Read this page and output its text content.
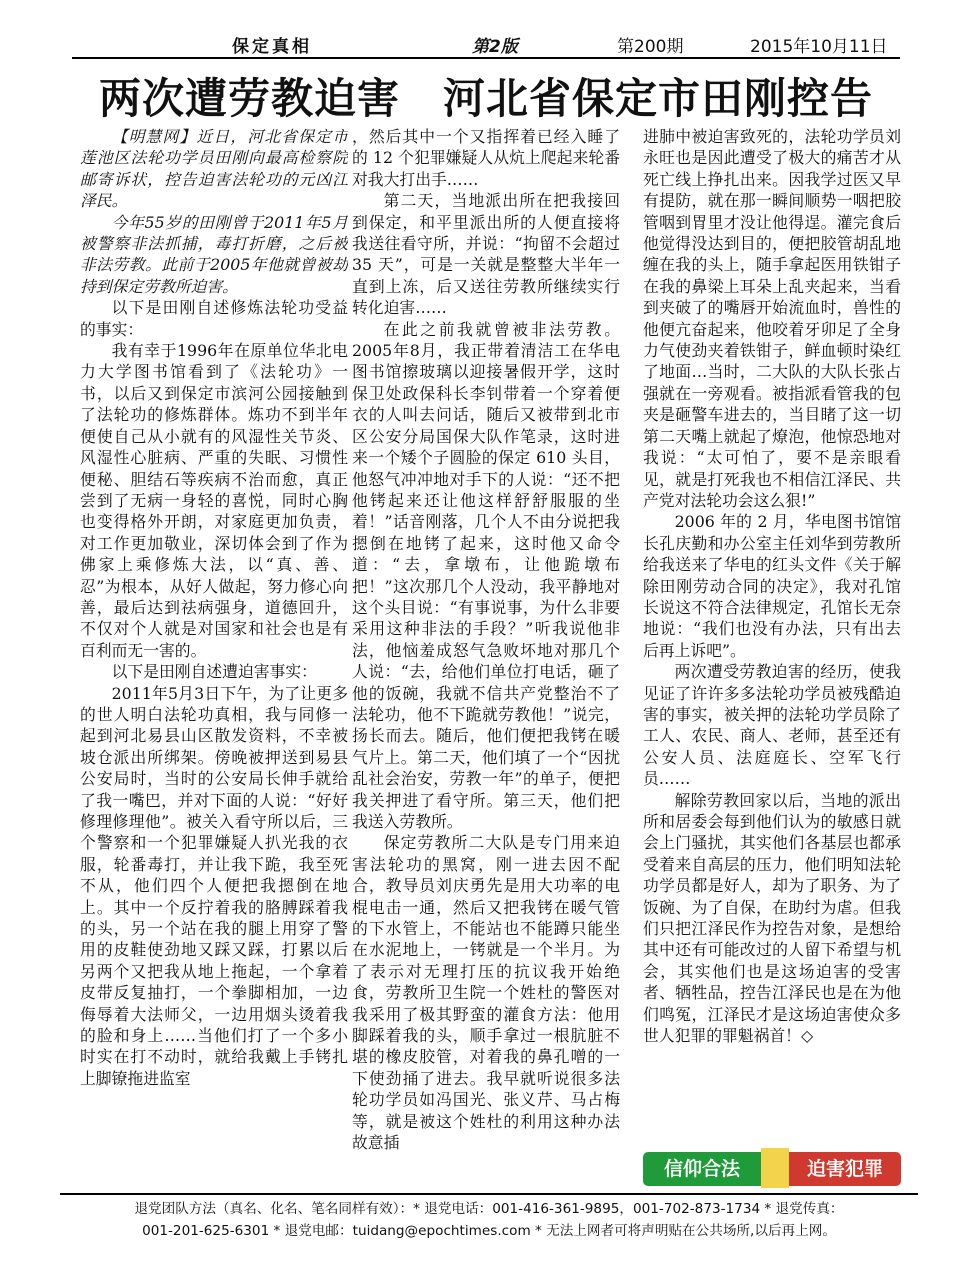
保定真相	第2版	第200期	2015年10月11日
两次遭劳教迫害　河北省保定市田刚控告

【明慧网】近日，河北省保定市莲池区法轮功学员田刚向最高检察院邮寄诉状，控告迫害法轮功的元凶江泽民。

今年55岁的田刚曾于2011年5月被警察非法抓捕，毒打折磨，之后被非法劳教。此前于2005年他就曾被劫持到保定劳教所迫害。

以下是田刚自述修炼法轮功受益的事实：

我有幸于1996年在原单位华北电力大学图书馆看到了《法轮功》一书，以后又到保定市滨河公园接触到了法轮功的修炼群体。炼功不到半年便使自己从小就有的风湿性关节炎、风湿性心脏病、严重的失眠、习惯性便秘、胆结石等疾病不治而愈，真正尝到了无病一身轻的喜悦，同时心胸也变得格外开朗，对家庭更加负责，对工作更加敬业，深切体会到了作为佛家上乘修炼大法，以“真、善、忍”为根本，从好人做起，努力修心向善，最后达到祛病强身，道德回升，不仅对个人就是对国家和社会也是有百利而无一害的。

以下是田刚自述遭迫害事实：

2011年5月3日下午，为了让更多的世人明白法轮功真相，我与同修一起到河北易县山区散发资料，不幸被坡仓派出所绑架。傍晚被押送到易县公安局时，当时的公安局长伸手就给了我一嘴巴，并对下面的人说：“好好修理修理他”。被关入看守所以后，三个警察和一个犯罪嫌疑人扒光我的衣服，轮番毒打，并让我下跪，我至死不从，他们四个人便把我摁倒在地上。其中一个反拧着我的胳膊踩着我的头，另一个站在我的腿上用穿了警用的皮鞋使劲地又踩又踩，打累以后另两个又把我从地上拖起，一个拿着皮带反复抽打，一个拳脚相加，一边侮辱着大法师父，一边用烟头烫着我的脸和身上……当他们打了一个多小时实在打不动时，就给我戴上手铐扎上脚镣拖进监室

，然后其中一个又指挥着已经入睡了的 12 个犯罪嫌疑人从炕上爬起来轮番对我大打出手……

第二天，当地派出所在把我接回到保定，和平里派出所的人便直接将我送往看守所，并说：“拘留不会超过35 天”，可是一关就是整整大半年一直到上冻，后又送往劳教所继续实行转化迫害……

在此之前我就曾被非法劳教。2005年8月，我正带着清洁工在华电图书馆擦玻璃以迎接暑假开学，这时保卫处政保科长李钊带着一个穿着便衣的人叫去问话，随后又被带到北市区公安分局国保大队作笔录，这时进来一个矮个子圆脸的保定 610 头目，他怒气冲冲地对手下的人说：“还不把他铐起来还让他这样舒舒服服的坐着！”话音刚落，几个人不由分说把我摁倒在地铐了起来，这时他又命令道：“去，拿墩布，让他跪墩布把！”这次那几个人没动，我平静地对这个头目说：“有事说事，为什么非要采用这种非法的手段？”听我说他非法，他恼羞成怒气急败坏地对那几个人说：“去，给他们单位打电话，砸了他的饭碗，我就不信共产党整治不了法轮功，他不下跪就劳教他！”说完，扬长而去。随后，他们便把我铐在暖气片上。第二天，他们填了一个“因扰乱社会治安，劳教一年”的单子，便把我关押进了看守所。第三天，他们把我送入劳教所。

保定劳教所二大队是专门用来迫害法轮功的黑窝，刚一进去因不配合，教导员刘庆勇先是用大功率的电棍电击一通，然后又把我铐在暖气管的下水管上，不能站也不能蹲只能坐在水泥地上，一铐就是一个半月。为了表示对无理打压的抗议我开始绝食，劳教所卫生院一个姓杜的警医对我采用了极其野蛮的灌食方法：他用脚踩着我的头，顺手拿过一根肮脏不堪的橡皮胶管，对着我的鼻孔噌的一下使劲捅了进去。我早就听说很多法轮功学员如冯国光、张义芹、马占梅等，就是被这个姓杜的利用这种办法故意插

进肺中被迫害致死的，法轮功学员刘永旺也是因此遭受了极大的痛苦才从死亡线上挣扎出来。因我学过医又早有提防，就在那一瞬间顺势一咽把胶管咽到胃里才没让他得逞。灌完食后他觉得没达到目的，便把胶管胡乱地缠在我的头上，随手拿起医用铁钳子在我的鼻梁上耳朵上乱夹起来，当看到夹破了的嘴唇开始流血时，兽性的他便亢奋起来，他咬着牙卯足了全身力气使劲夹着铁钳子，鲜血顿时染红了地面…当时，二大队的大队长张占强就在一旁观看。被指派看管我的包夹是砸警车进去的，当目睹了这一切第二天嘴上就起了燎泡，他惊恐地对我说：“太可怕了，要不是亲眼看见，就是打死我也不相信江泽民、共产党对法轮功会这么狠!”

2006 年的 2 月，华电图书馆馆长孔庆勤和办公室主任刘华到劳教所给我送来了华电的红头文件《关于解除田刚劳动合同的决定》，我对孔馆长说这不符合法律规定，孔馆长无奈地说：“我们也没有办法，只有出去后再上诉吧”。

两次遭受劳教迫害的经历，使我见证了许许多多法轮功学员被残酷迫害的事实，被关押的法轮功学员除了工人、农民、商人、老师，甚至还有公安人员、法庭庭长、空军飞行员……

解除劳教回家以后，当地的派出所和居委会每到他们认为的敏感日就会上门骚扰，其实他们各基层也都承受着来自高层的压力，他们明知法轮功学员都是好人，却为了职务、为了饭碗、为了自保，在助纣为虐。但我们只把江泽民作为控告对象，是想给其中还有可能改过的人留下希望与机会，其实他们也是这场迫害的受害者、牺牲品，控告江泽民也是在为他们鸣冤，江泽民才是这场迫害使众多世人犯罪的罪魁祸首！◇

信仰合法	迫害犯罪
退党团队方法（真名、化名、笔名同样有效）：* 退党电话：001-416-361-9895，001-702-873-1734 * 退党传真：
001-201-625-6301 * 退党电邮：tuidang@epochtimes.com * 无法上网者可将声明贴在公共场所,以后再上网。
